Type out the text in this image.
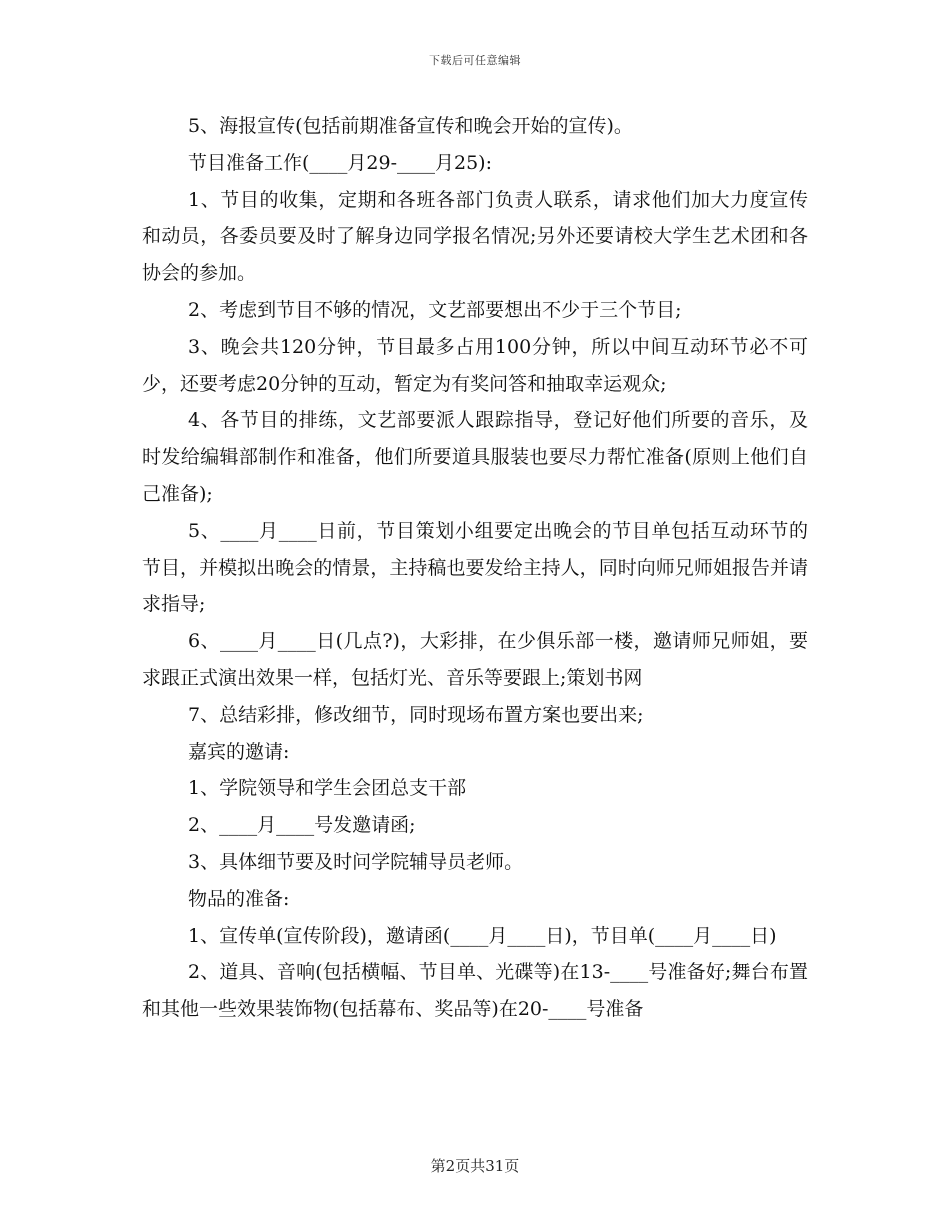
下载后可任意编辑

5、海报宣传(包括前期准备宣传和晚会开始的宣传)。

节目准备工作(____月29-____月25):

1、节目的收集，定期和各班各部门负责人联系，请求他们加大力度宣传和动员，各委员要及时了解身边同学报名情况;另外还要请校大学生艺术团和各协会的参加。

2、考虑到节目不够的情况，文艺部要想出不少于三个节目;

3、晚会共120分钟，节目最多占用100分钟，所以中间互动环节必不可少，还要考虑20分钟的互动，暂定为有奖问答和抽取幸运观众;

4、各节目的排练，文艺部要派人跟踪指导，登记好他们所要的音乐，及时发给编辑部制作和准备，他们所要道具服装也要尽力帮忙准备(原则上他们自己准备);

5、____月____日前，节目策划小组要定出晚会的节目单包括互动环节的节目，并模拟出晚会的情景，主持稿也要发给主持人，同时向师兄师姐报告并请求指导;

6、____月____日(几点?)，大彩排，在少俱乐部一楼，邀请师兄师姐，要求跟正式演出效果一样，包括灯光、音乐等要跟上;策划书网

7、总结彩排，修改细节，同时现场布置方案也要出来;

嘉宾的邀请:

1、学院领导和学生会团总支干部

2、____月____号发邀请函;

3、具体细节要及时问学院辅导员老师。

物品的准备:

1、宣传单(宣传阶段)，邀请函(____月____日)，节目单(____月____日)

2、道具、音响(包括横幅、节目单、光碟等)在13-____号准备好;舞台布置和其他一些效果装饰物(包括幕布、奖品等)在20-____号准备

第2页共31页
